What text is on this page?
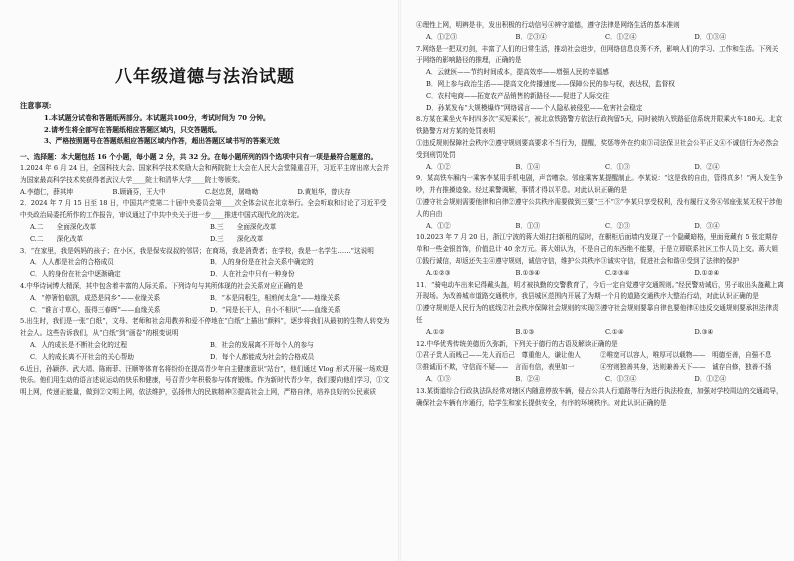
八年级道德与法治试题
注意事项:
1.本试题分试卷和答题纸两部分。本试题共100分，考试时间为 70 分钟。
2.请考生将全部写在答题纸相应答题区域内，只交答题纸。
3、严格按照题号在答题纸相应答题区域内作答，超出答题区域书写的答案无效
一、选择题：本大题包括 16 个小题，每小题 2 分，共 32 分。在每小题所列的四个选项中只有一项是最符合题意的。

1.2024 年 6 月 24 日，全国科技大会、国家科学技术奖励大会和两院院士大会在人民大会堂隆重召开，习近平主席出席大会并为国家最高科学技术奖获得者武汉大学____院士和清华大学____院士等颁奖。

A.李德仁，薛其坤	B.顾诵芬，王大中	C.赵忠贤，屠呦呦	D.黄旭华，曾庆存

2．2024 年 7 月 15 日至 18 日，中国共产党第二十届中央委员会第____次全体会议在北京举行。全会听取和讨论了习近平受中央政治局委托所作的工作报告，审议通过了中共中央关于进一步____推进中国式现代化的决定。

A.二　　全面深化改革	B.三　　全面深化改革
C.二　　深化改革	D.三　　深化改革

3．“在家里，我是妈妈的孩子；在小区，我是保安叔叔的邻居；在商场，我是消费者；在学校，我是一名学生……”这说明

A．人人都是社会的合格成员	B．人的身份是在社会关系中确定的
C．人的身份在社会中逐渐确定	D．人在社会中只有一种身份

4.中华诗词博大精深，其中包含着丰富的人际关系。下列诗句与其所体现的社会关系对应正确的是

A．“停箸怕临凯，成恐是同乡”——业缘关系	B．“本是同根生，相煎何太急”——地缘关系
C．“谁言寸草心，报得三春晖”——血缘关系	D．“同是长干人，自小不相识”——血缘关系

5.出生时，我们是一张“白纸”，文母、老师和社会用教养和爱不停地在“白纸”上描出“颜料”，逐步将我们从最初的生物人转变为社会人。这些告诉我们，从“白纸”到“画卷”的根变说明

A．人的成长是不断社会化的过程	B．社会的发展离不开每个人的参与
C．人的成长离不开社会的关心帮助	D．每个人都能成为社会的合格成员

6.近日，孙颖莎、武大靖、陈雨菲、汪顺等体育名将纷纷在提高青少年自主健康意识“站台”，他们通过 Vlog 形式开展一场欢迎快乐。他们用生动的语言述说运动的快乐和健康，号召青少年积极参与体育锻炼。作为新时代青少年，我们要向他们学习，①文明上网，传递正能量，做到②文明上网，依法维护，弘扬伟大的民族精神③提高社会上网，严格自律，培养良好的公民素质

④理性上网，明辨是非，发出积极的行动信号④辨守道德，遵守法律是网络生活的基本准则

A．①②③	B．②③④	C．①②④	D．①③④

7.网络是一把双刃剑，丰富了人们的日常生活，推动社会进步，但网络信息良莠不齐，影响人们的学习、工作和生活。下列关于网络的影响路径的推理，正确的是

A．云就医——节约时间成本，提高效率——增强人民的幸福感

B．网上参与政治生活——提高文化传播速度——保障公民的参与权，表达权，监督权

C．农村电商——拓宽农产品销售的新路径——促进了人际交往

D．孙某发布“大规模爆炸”网络谣言——个人隐私被侵犯——危害社会稳定

8.方某在乘坐火车时四多次“买短乘长”，被北京铁路警方依法行政拘留5天，同时被纳入铁路征信系统并限乘火车180天。北京铁路警方对方某的处罚表明

①违反规则保障社会秩序②遵守规则要高要求不当行为，提醒，奖惩等外在约束③司法保卫社会公平正义④不诚信行为必然会受到刑罚处罚

A．①②	B．①④	C．①③	D．②④

9．某高铁车厢内一乘客李某用手机电剧，声音嘈杂。邻座乘客某提醒制止。李某说：“这是我的自由，管得真多！”两人发生争吵，并有推搡迹象。经过乘警调解，事情才得以平息。对此认识正确的是

①遵守社会规则需要他律和自律②遵守公共秩序需要做到三要“三不”③“李某只享受权利，没有履行义务④邻座张某无权干涉他人的自由

A．①②	B．①③	C．②③	D．③④

10.2023 年 7 月 20 日，浙江宁波的蒋大姐打扫新租的屋时，在橱柜后面墙内发现了一个隐藏暗格，里面竟藏有 5 张定期存单和一些金银首饰，价值总计 40 余万元。蒋大姐认为，不是自己的东西绝不能要，于是立即联系社区工作人员上交。蒋大姐

①践行诚信，却返还失主④遵守规则，诚信守信，维护公共秩序③诚实守信，促进社会和谐④受到了法律的保护

A.①②③	B.①③④	C.②③④	D.①②④

11．“骑电动车出来记得戴头盔，明才被执勤的交警教育了，今后一定自觉遵守交通规则。”经民警劝诫后，男子取出头盔戴上离开现场。为改善城市道路交通秩序，我县城区范围内开展了为期一个月的道路交通秩序大整治行动，对此认识正确的是

①遵守规则是人民行为的底线②社会秩序保障社会规则的实现③遵守社会规则要靠自律也要他律④违反交通规则要承担法律责任

A.①②	B.①③	C.①④	D.③④

12.中华优秀传统美德历久弥新，下列关于德行的古语及解读正确的是

①君子贵人而贱己——先人而后己　尊重他人，谦让他人	②唯宽可以容人，唯厚可以载物——　明德至善，自强不息
③推诚而不欺，守信而不疑——　言而有信，表里如一	④穷则独善其身，达则兼善天下——　诚存自修，独善不扬
A．①③	B．②④	C．①③④	D．①②④

13.某街道综合行政执法队经常对辖区内随意停放车辆，侵占公共人行道路等行为进行执法检查，加强对学校周边的交通疏导，确保社会车辆有序通行，给学生和家长提供安全，有序的环境秩序。对此认识正确的是
